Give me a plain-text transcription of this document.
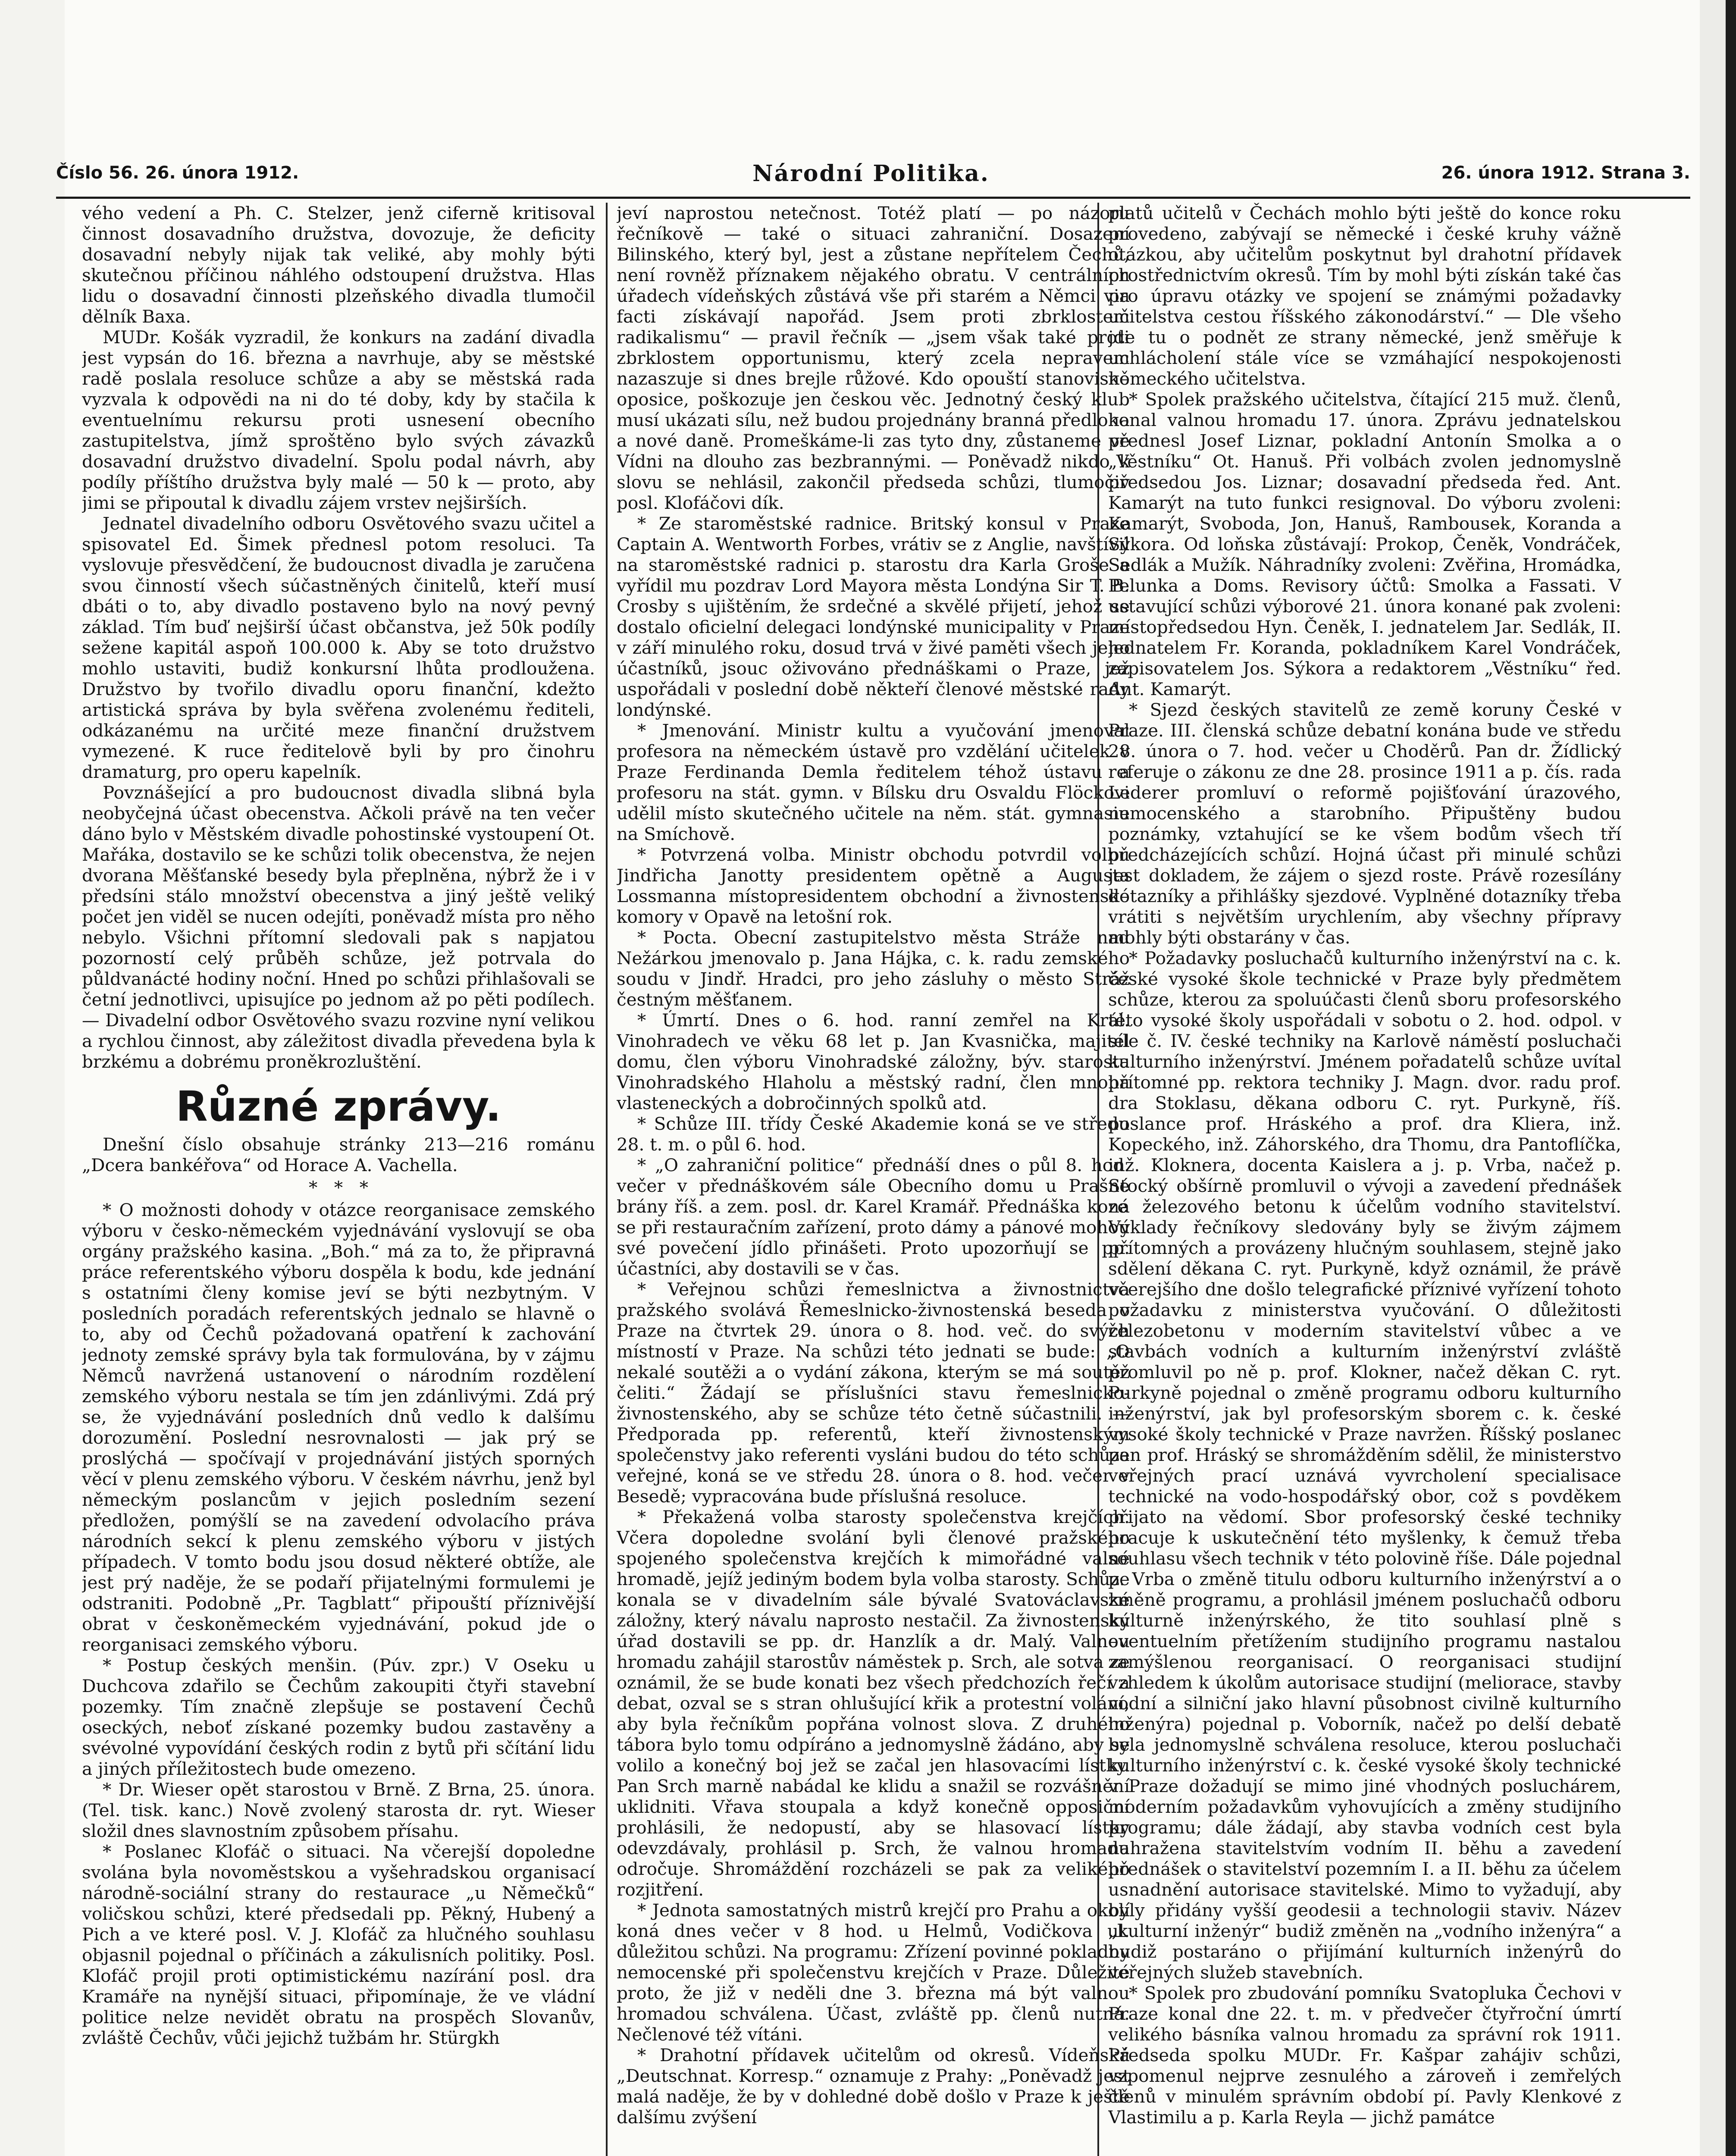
Číslo 56. 26. února 1912.	Národní Politika.	26. února 1912. Strana 3.

vého vedení a Ph. C. Stelzer, jenž ciferně kritisoval činnost dosavadního družstva, dovozuje, že deficity dosavadní nebyly nijak tak veliké, aby mohly býti skutečnou příčinou náhlého odstoupení družstva. Hlas lidu o dosavadní činnosti plzeňského divadla tlumočil dělník Baxa.

MUDr. Košák vyzradil, že konkurs na zadání divadla jest vypsán do 16. března a navrhuje, aby se městské radě poslala resoluce schůze a aby se městská rada vyzvala k odpovědi na ni do té doby, kdy by stačila k eventuelnímu rekursu proti usnesení obecního zastupitelstva, jímž sproštěno bylo svých závazků dosavadní družstvo divadelní. Spolu podal návrh, aby podíly příštího družstva byly malé — 50 k — proto, aby jimi se připoutal k divadlu zájem vrstev nejširších.

Jednatel divadelního odboru Osvětového svazu učitel a spisovatel Ed. Šimek přednesl potom resoluci. Ta vyslovuje přesvědčení, že budoucnost divadla je zaručena svou činností všech súčastněných činitelů, kteří musí dbáti o to, aby divadlo postaveno bylo na nový pevný základ. Tím buď nejširší účast občanstva, jež 50k podíly sežene kapitál aspoň 100.000 k. Aby se toto družstvo mohlo ustaviti, budiž konkursní lhůta prodloužena. Družstvo by tvořilo divadlu oporu finanční, kdežto artistická správa by byla svěřena zvolenému řediteli, odkázanému na určité meze finanční družstvem vymezené. K ruce ředitelově byli by pro činohru dramaturg, pro operu kapelník.

Povznášející a pro budoucnost divadla slibná byla neobyčejná účast obecenstva. Ačkoli právě na ten večer dáno bylo v Městském divadle pohostinské vystoupení Ot. Mařáka, dostavilo se ke schůzi tolik obecenstva, že nejen dvorana Měšťanské besedy byla přeplněna, nýbrž že i v předsíni stálo množství obecenstva a jiný ještě veliký počet jen viděl se nucen odejíti, poněvadž místa pro něho nebylo. Všichni přítomní sledovali pak s napjatou pozorností celý průběh schůze, jež potrvala do půldvanácté hodiny noční. Hned po schůzi přihlašovali se četní jednotlivci, upisujíce po jednom až po pěti podílech. — Divadelní odbor Osvětového svazu rozvine nyní velikou a rychlou činnost, aby záležitost divadla převedena byla k brzkému a dobrému proněkrozluštění.

Různé zprávy.

Dnešní číslo obsahuje stránky 213—216 románu „Dcera bankéřova“ od Horace A. Vachella.

*   *   *

* O možnosti dohody v otázce reorganisace zemského výboru v česko-německém vyjednávání vyslovují se oba orgány pražského kasina. „Boh.“ má za to, že připravná práce referentského výboru dospěla k bodu, kde jednání s ostatními členy komise jeví se býti nezbytným. V posledních poradách referentských jednalo se hlavně o to, aby od Čechů požadovaná opatření k zachování jednoty zemské správy byla tak formulována, by v zájmu Němců navržená ustanovení o národním rozdělení zemského výboru nestala se tím jen zdánlivými. Zdá prý se, že vyjednávání posledních dnů vedlo k dalšímu dorozumění. Poslední nesrovnalosti — jak prý se proslýchá — spočívají v projednávání jistých sporných věcí v plenu zemského výboru. V českém návrhu, jenž byl německým poslancům v jejich posledním sezení předložen, pomýšlí se na zavedení odvolacího práva národních sekcí k plenu zemského výboru v jistých případech. V tomto bodu jsou dosud některé obtíže, ale jest prý naděje, že se podaří přijatelnými formulemi je odstraniti. Podobně „Pr. Tagblatt“ připouští příznivější obrat v českoněmeckém vyjednávání, pokud jde o reorganisaci zemského výboru.

* Postup českých menšin. (Púv. zpr.) V Oseku u Duchcova zdařilo se Čechům zakoupiti čtyři stavební pozemky. Tím značně zlepšuje se postavení Čechů oseckých, neboť získané pozemky budou zastavěny a svévolné vypovídání českých rodin z bytů při sčítání lidu a jiných příležitostech bude omezeno.

* Dr. Wieser opět starostou v Brně. Z Brna, 25. února. (Tel. tisk. kanc.) Nově zvolený starosta dr. ryt. Wieser složil dnes slavnostním způsobem přísahu.

* Poslanec Klofáč o situaci. Na včerejší dopoledne svolána byla novoměstskou a vyšehradskou organisací národně-sociální strany do restaurace „u Němečků“ voličskou schůzi, které předsedali pp. Pěkný, Hubený a Pich a ve které posl. V. J. Klofáč za hlučného souhlasu objasnil pojednal o příčinách a zákulisních politiky. Posl. Klofáč projil proti optimistickému nazírání posl. dra Kramáře na nynější situaci, připomínaje, že ve vládní politice nelze nevidět obratu na prospěch Slovanův, zvláště Čechův, vůči jejichž tužbám hr. Stürgkh

jeví naprostou netečnost. Totéž platí — po názoru řečníkově — také o situaci zahraniční. Dosazení Bilinského, který byl, jest a zůstane nepřítelem Čechů, není rovněž příznakem nějakého obratu. V centrálních úřadech vídeňských zůstává vše při starém a Němci via facti získávají napořád. Jsem proti zbrklostem radikalismu“ — pravil řečník — „jsem však také proti zbrklostem opportunismu, který zcela nepravem nazaszuje si dnes brejle růžové. Kdo opouští stanovisko oposice, poškozuje jen českou věc. Jednotný český klub musí ukázati sílu, než budou projednány branná předloha a nové daně. Promeškáme-li zas tyto dny, zůstaneme ve Vídni na dlouho zas bezbrannými. — Poněvadž nikdo k slovu se nehlásil, zakončil předseda schůzi, tlumočiv posl. Klofáčovi dík.

* Ze staroměstské radnice. Britský konsul v Praze Captain A. Wentworth Forbes, vrátiv se z Anglie, navštívil na staroměstské radnici p. starostu dra Karla Groše a vyřídil mu pozdrav Lord Mayora města Londýna Sir T. B. Crosby s ujištěním, že srdečné a skvělé přijetí, jehož se dostalo oficielní delegaci londýnské municipality v Praze v září minulého roku, dosud trvá v živé paměti všech jeho účastníků, jsouc oživováno přednáškami o Praze, jež uspořádali v poslední době někteří členové městské rady londýnské.

* Jmenování. Ministr kultu a vyučování jmenoval profesora na německém ústavě pro vzdělání učitelek v Praze Ferdinanda Demla ředitelem téhož ústavu a profesoru na stát. gymn. v Bílsku dru Osvaldu Flöckovi udělil místo skutečného učitele na něm. stát. gymnasiu na Smíchově.

* Potvrzená volba. Ministr obchodu potvrdil volbu Jindřicha Janotty presidentem opětně a Augusta Lossmanna místopresidentem obchodní a živnostenské komory v Opavě na letošní rok.

* Pocta. Obecní zastupitelstvo města Stráže nad Nežárkou jmenovalo p. Jana Hájka, c. k. radu zemského soudu v Jindř. Hradci, pro jeho zásluhy o město Stráž čestným měšťanem.

* Úmrtí. Dnes o 6. hod. ranní zemřel na Král. Vinohradech ve věku 68 let p. Jan Kvasnička, majitel domu, člen výboru Vinohradské záložny, býv. starosta Vinohradského Hlaholu a městský radní, člen mnoha vlasteneckých a dobročinných spolků atd.

* Schůze III. třídy České Akademie koná se ve středu 28. t. m. o půl 6. hod.

* „O zahraniční politice“ přednáší dnes o půl 8. hod. večer v přednáškovém sále Obecního domu u Prašné brány říš. a zem. posl. dr. Karel Kramář. Přednáška koná se při restauračním zařízení, proto dámy a pánové mohou své povečení jídlo přinášeti. Proto upozorňují se pp. účastníci, aby dostavili se v čas.

* Veřejnou schůzi řemeslnictva a živnostnictva pražského svolává Řemeslnicko-živnostenská beseda v Praze na čtvrtek 29. února o 8. hod. več. do svých místností v Praze. Na schůzi této jednati se bude: „O nekalé soutěži a o vydání zákona, kterým se má soutěž čeliti.“ Žádají se příslušníci stavu řemeslnicko-živnostenského, aby se schůze této četně súčastnili. — Předporada pp. referentů, kteří živnostenským společenstvy jako referenti vysláni budou do této schůze veřejné, koná se ve středu 28. února o 8. hod. večer v Besedě; vypracována bude příslušná resoluce.

* Překažená volba starosty společenstva krejčích. Včera dopoledne svolání byli členové pražského spojeného společenstva krejčích k mimořádné valné hromadě, jejíž jediným bodem byla volba starosty. Schůze konala se v divadelním sále bývalé Svatováclavské záložny, který návalu naprosto nestačil. Za živnostenský úřad dostavili se pp. dr. Hanzlík a dr. Malý. Valnou hromadu zahájil starostův náměstek p. Srch, ale sotva ze oznámil, že se bude konati bez všech předchozích řečí a debat, ozval se s stran ohlušující křik a protestní volání, aby byla řečníkům popřána volnost slova. Z druhého tábora bylo tomu odpíráno a jednomyslně žádáno, aby se volilo a konečný boj jež se začal jen hlasovacími lístky. Pan Srch marně nabádal ke klidu a snažil se rozvášnění uklidniti. Vřava stoupala a když konečně opposiční prohlásili, že nedopustí, aby se hlasovací lístky odevzdávaly, prohlásil p. Srch, že valnou hromadu odročuje. Shromáždění rozcházeli se pak za velikého rozjitření.

* Jednota samostatných mistrů krejčí pro Prahu a okolí koná dnes večer v 8 hod. u Helmů, Vodičkova ul. důležitou schůzi. Na programu: Zřízení povinné pokladny nemocenské při společenstvu krejčích v Praze. Důležité proto, že již v neděli dne 3. března má být valnou hromadou schválena. Účast, zvláště pp. členů nutná. Nečlenové též vítáni.

* Drahotní přídavek učitelům od okresů. Vídeňská „Deutschnat. Korresp.“ oznamuje z Prahy: „Poněvadž jest malá naděje, že by v dohledné době došlo v Praze k ještě dalšímu zvýšení

platů učitelů v Čechách mohlo býti ještě do konce roku provedeno, zabývají se německé i české kruhy vážně otázkou, aby učitelům poskytnut byl drahotní přídavek prostřednictvím okresů. Tím by mohl býti získán také čas pro úpravu otázky ve spojení se známými požadavky učitelstva cestou říšského zákonodárství.“ — Dle všeho jde tu o podnět ze strany německé, jenž směřuje k uchlácholení stále více se vzmáhající nespokojenosti německého učitelstva.

* Spolek pražského učitelstva, čítající 215 muž. členů, konal valnou hromadu 17. února. Zprávu jednatelskou přednesl Josef Liznar, pokladní Antonín Smolka a o „Věstníku“ Ot. Hanuš. Při volbách zvolen jednomyslně předsedou Jos. Liznar; dosavadní předseda řed. Ant. Kamarýt na tuto funkci resignoval. Do výboru zvoleni: Kamarýt, Svoboda, Jon, Hanuš, Rambousek, Koranda a Sýkora. Od loňska zůstávají: Prokop, Čeněk, Vondráček, Sedlák a Mužík. Náhradníky zvoleni: Zvěřina, Hromádka, Pelunka a Doms. Revisory účtů: Smolka a Fassati. V ustavující schůzi výborové 21. února konané pak zvoleni: místopředsedou Hyn. Čeněk, I. jednatelem Jar. Sedlák, II. jednatelem Fr. Koranda, pokladníkem Karel Vondráček, zapisovatelem Jos. Sýkora a redaktorem „Věstníku“ řed. Ant. Kamarýt.

* Sjezd českých stavitelů ze země koruny České v Praze. III. členská schůze debatní konána bude ve středu 28. února o 7. hod. večer u Choděrů. Pan dr. Žídlický referuje o zákonu ze dne 28. prosince 1911 a p. čís. rada Lederer promluví o reformě pojišťování úrazového, nemocenského a starobního. Připuštěny budou poznámky, vztahující se ke všem bodům všech tří předcházejících schůzí. Hojná účast při minulé schůzi jest dokladem, že zájem o sjezd roste. Právě rozesílány dotazníky a přihlášky sjezdové. Vyplněné dotazníky třeba vrátiti s největším urychlením, aby všechny přípravy mohly býti obstarány v čas.

* Požadavky posluchačů kulturního inženýrství na c. k. české vysoké škole technické v Praze byly předmětem schůze, kterou za spoluúčasti členů sboru profesorského této vysoké školy uspořádali v sobotu o 2. hod. odpol. v síle č. IV. české techniky na Karlově náměstí posluchači kulturního inženýrství. Jménem pořadatelů schůze uvítal přítomné pp. rektora techniky J. Magn. dvor. radu prof. dra Stoklasu, děkana odboru C. ryt. Purkyně, říš. poslance prof. Hráského a prof. dra Kliera, inž. Kopeckého, inž. Záhorského, dra Thomu, dra Pantoflíčka, inž. Kloknera, docenta Kaislera a j. p. Vrba, načež p. Stocký obšírně promluvil o vývoji a zavedení přednášek ze železového betonu k účelům vodního stavitelství. Výklady řečníkovy sledovány byly se živým zájmem přítomných a provázeny hlučným souhlasem, stejně jako sdělení děkana C. ryt. Purkyně, když oznámil, že právě včerejšího dne došlo telegrafické příznivé vyřízení tohoto požadavku z ministerstva vyučování. O důležitosti železobetonu v moderním stavitelství vůbec a ve stavbách vodních a kulturním inženýrství zvláště promluvil po ně p. prof. Klokner, načež děkan C. ryt. Purkyně pojednal o změně programu odboru kulturního inženýrství, jak byl profesorským sborem c. k. české vysoké školy technické v Praze navržen. Říšský poslanec pan prof. Hráský se shromážděním sdělil, že ministerstvo veřejných prací uznává vyvrcholení specialisace technické na vodo-hospodářský obor, což s povděkem přijato na vědomí. Sbor profesorský české techniky pracuje k uskutečnění této myšlenky, k čemuž třeba souhlasu všech technik v této polovině říše. Dále pojednal p. Vrba o změně titulu odboru kulturního inženýrství a o změně programu, a prohlásil jménem posluchačů odboru kulturně inženýrského, že tito souhlasí plně s eventuelním přetížením studijního programu nastalou zamýšlenou reorganisací. O reorganisaci studijní vzhledem k úkolům autorisace studijní (meliorace, stavby vodní a silniční jako hlavní působnost civilně kulturního inženýra) pojednal p. Voborník, načež po delší debatě byla jednomyslně schválena resoluce, kterou posluchači kulturního inženýrství c. k. české vysoké školy technické v Praze dožadují se mimo jiné vhodných posluchárem, moderním požadavkům vyhovujících a změny studijního programu; dále žádají, aby stavba vodních cest byla nahražena stavitelstvím vodním II. běhu a zavedení přednášek o stavitelství pozemním I. a II. běhu za účelem usnadnění autorisace stavitelské. Mimo to vyžadují, aby byly přidány vyšší geodesii a technologii staviv. Název „kulturní inženýr“ budiž změněn na „vodního inženýra“ a budiž postaráno o přijímání kulturních inženýrů do veřejných služeb stavebních.

* Spolek pro zbudování pomníku Svatopluka Čechovi v Praze konal dne 22. t. m. v předvečer čtyřroční úmrtí velikého básníka valnou hromadu za správní rok 1911. Předseda spolku MUDr. Fr. Kašpar zahájiv schůzi, vzpomenul nejprve zesnulého a zároveň i zemřelých členů v minulém správním období pí. Pavly Klenkové z Vlastimilu a p. Karla Reyla — jichž památce
